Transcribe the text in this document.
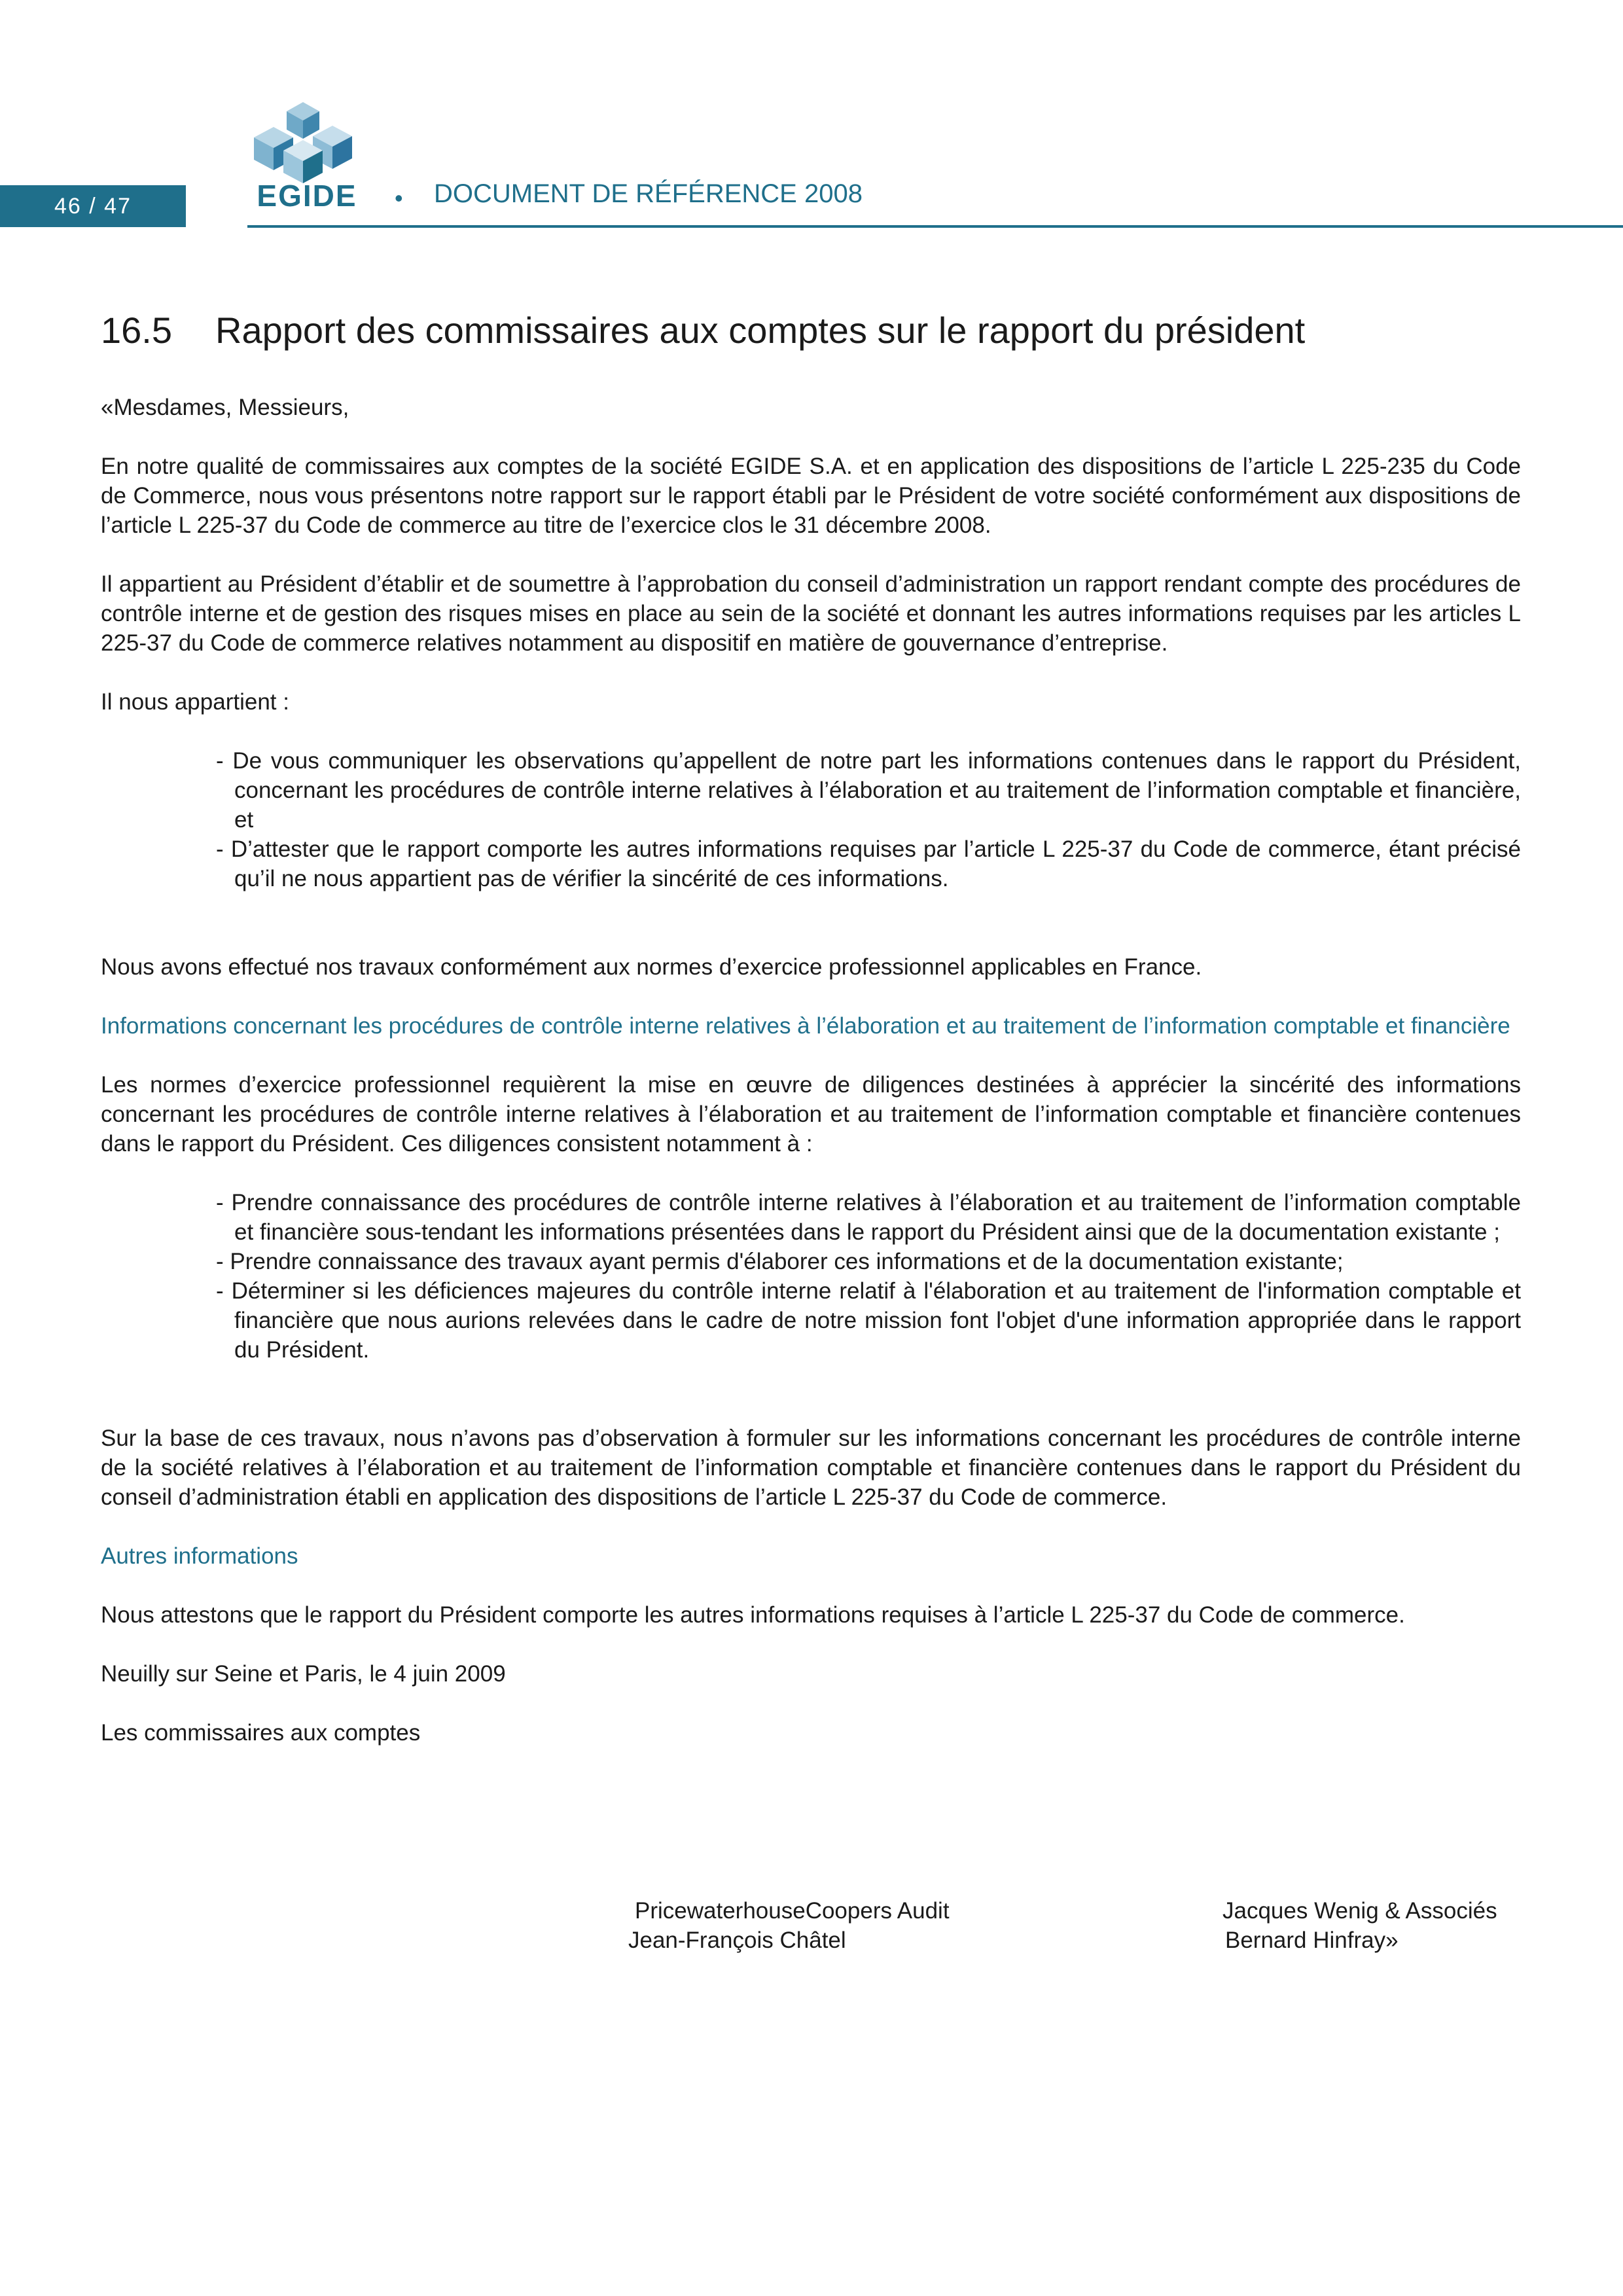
46 / 47	EGIDE	• DOCUMENT DE RÉFÉRENCE 2008
16.5 Rapport des commissaires aux comptes sur le rapport du président

«Mesdames, Messieurs,

En notre qualité de commissaires aux comptes de la société EGIDE S.A. et en application des dispositions de l’article L 225-235 du Code de Commerce, nous vous présentons notre rapport sur le rapport établi par le Président de votre société conformément aux dispositions de l’article L 225-37 du Code de commerce au titre de l’exercice clos le 31 décembre 2008.

Il appartient au Président d’établir et de soumettre à l’approbation du conseil d’administration un rapport rendant compte des procédures de contrôle interne et de gestion des risques mises en place au sein de la société et donnant les autres informations requises par les articles L 225-37 du Code de commerce relatives notamment au dispositif en matière de gouvernance d’entreprise.

Il nous appartient :

- De vous communiquer les observations qu’appellent de notre part les informations contenues dans le rapport du Président, concernant les procédures de contrôle interne relatives à l’élaboration et au traitement de l’information comptable et financière, et
- D’attester que le rapport comporte les autres informations requises par l’article L 225-37 du Code de commerce, étant précisé qu’il ne nous appartient pas de vérifier la sincérité de ces informations.

Nous avons effectué nos travaux conformément aux normes d’exercice professionnel applicables en France.

Informations concernant les procédures de contrôle interne relatives à l’élaboration et au traitement de l’information comptable et financière

Les normes d’exercice professionnel requièrent la mise en œuvre de diligences destinées à apprécier la sincérité des informations concernant les procédures de contrôle interne relatives à l’élaboration et au traitement de l’information comptable et financière contenues dans le rapport du Président. Ces diligences consistent notamment à :

- Prendre connaissance des procédures de contrôle interne relatives à l’élaboration et au traitement de l’information comptable et financière sous-tendant les informations présentées dans le rapport du Président ainsi que de la documentation existante ;
- Prendre connaissance des travaux ayant permis d'élaborer ces informations et de la documentation existante;
- Déterminer si les déficiences majeures du contrôle interne relatif à l'élaboration et au traitement de l'information comptable et financière que nous aurions relevées dans le cadre de notre mission font l'objet d'une information appropriée dans le rapport du Président.

Sur la base de ces travaux, nous n’avons pas d’observation à formuler sur les informations concernant les procédures de contrôle interne de la société relatives à l’élaboration et au traitement de l’information comptable et financière contenues dans le rapport du Président du conseil d’administration établi en application des dispositions de l’article L 225-37 du Code de commerce.

Autres informations

Nous attestons que le rapport du Président comporte les autres informations requises à l’article L 225-37 du Code de commerce.

Neuilly sur Seine et Paris, le 4 juin 2009

Les commissaires aux comptes

PricewaterhouseCoopers Audit
Jean-François Châtel
Jacques Wenig & Associés
Bernard Hinfray»
